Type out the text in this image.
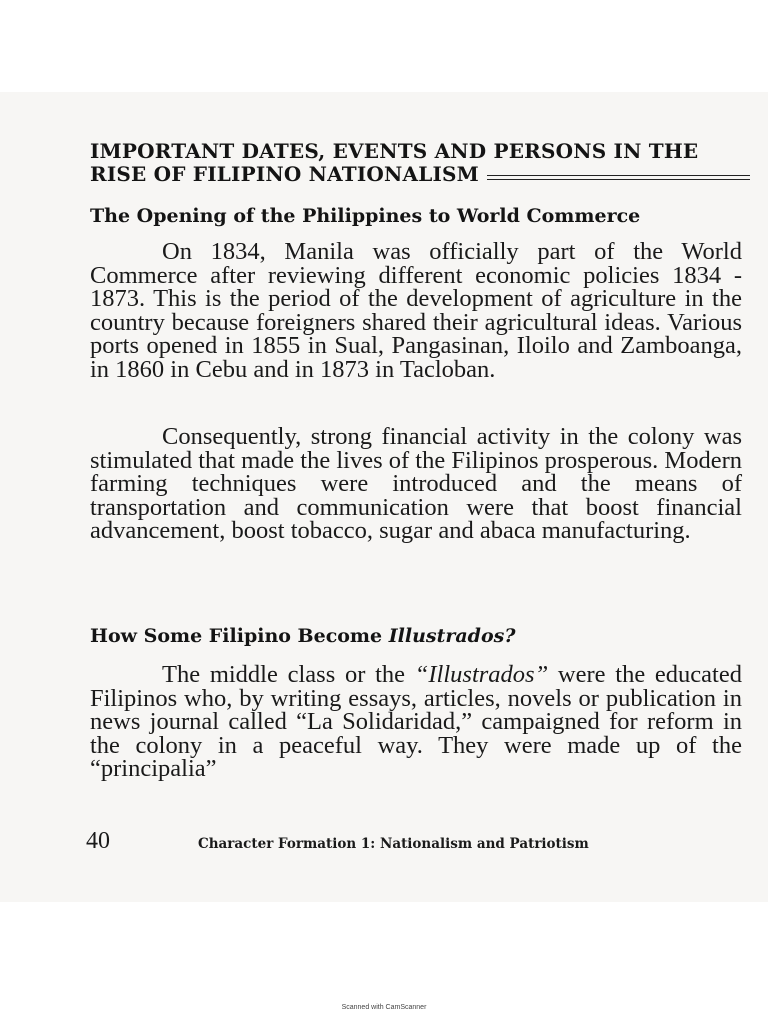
IMPORTANT DATES, EVENTS AND PERSONS IN THE
RISE OF FILIPINO NATIONALISM
The Opening of the Philippines to World Commerce

On 1834, Manila was officially part of the World Commerce after reviewing different economic policies 1834 - 1873. This is the period of the development of agriculture in the country because foreigners shared their agricultural ideas. Various ports opened in 1855 in Sual, Pangasinan, Iloilo and Zamboanga, in 1860 in Cebu and in 1873 in Tacloban.

Consequently, strong financial activity in the colony was stimulated that made the lives of the Filipinos prosperous. Modern farming techniques were introduced and the means of transportation and communication were that boost financial advancement, boost tobacco, sugar and abaca manufacturing.

How Some Filipino Become Illustrados?

The middle class or the “Illustrados” were the educated Filipinos who, by writing essays, articles, novels or publication in news journal called “La Solidaridad,” campaigned for reform in the colony in a peaceful way. They were made up of the “principalia”

40	Character Formation 1: Nationalism and Patriotism
Scanned with CamScanner
